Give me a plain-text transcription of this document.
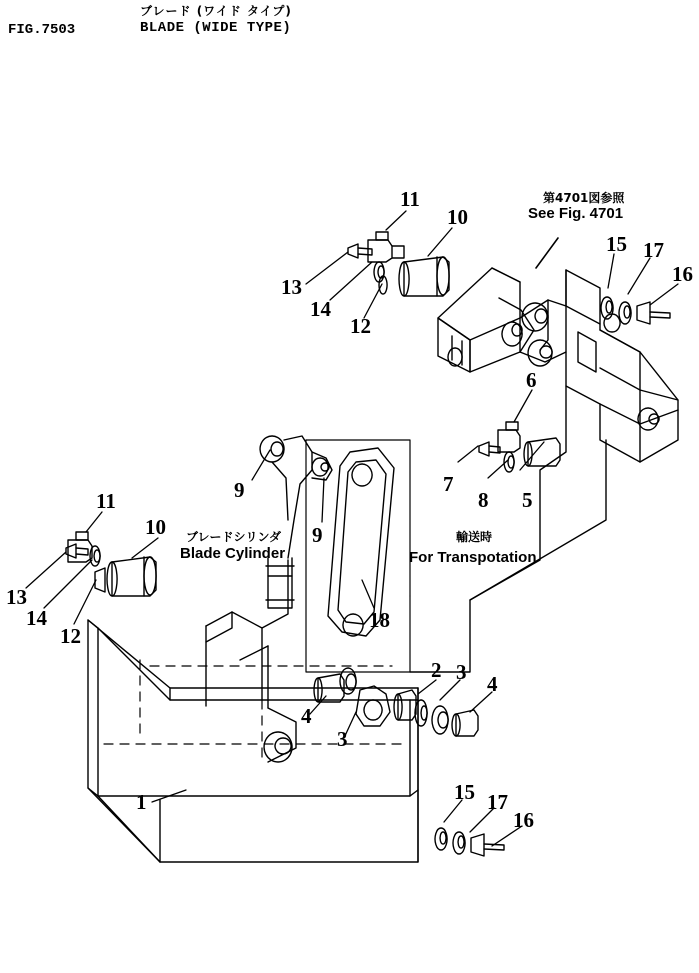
FIG.7503
ブレード (ワイド タイプ)
BLADE (WIDE TYPE)
第4701図参照
See Fig. 4701
ブレードシリンダ
Blade Cylinder
輸送時
For Transpotation
11
10
13
14
12
15 17
16
6
7
8 5
9
9
11
10
13
14
12
18
2 3 4
4
3
1	15 17
16
